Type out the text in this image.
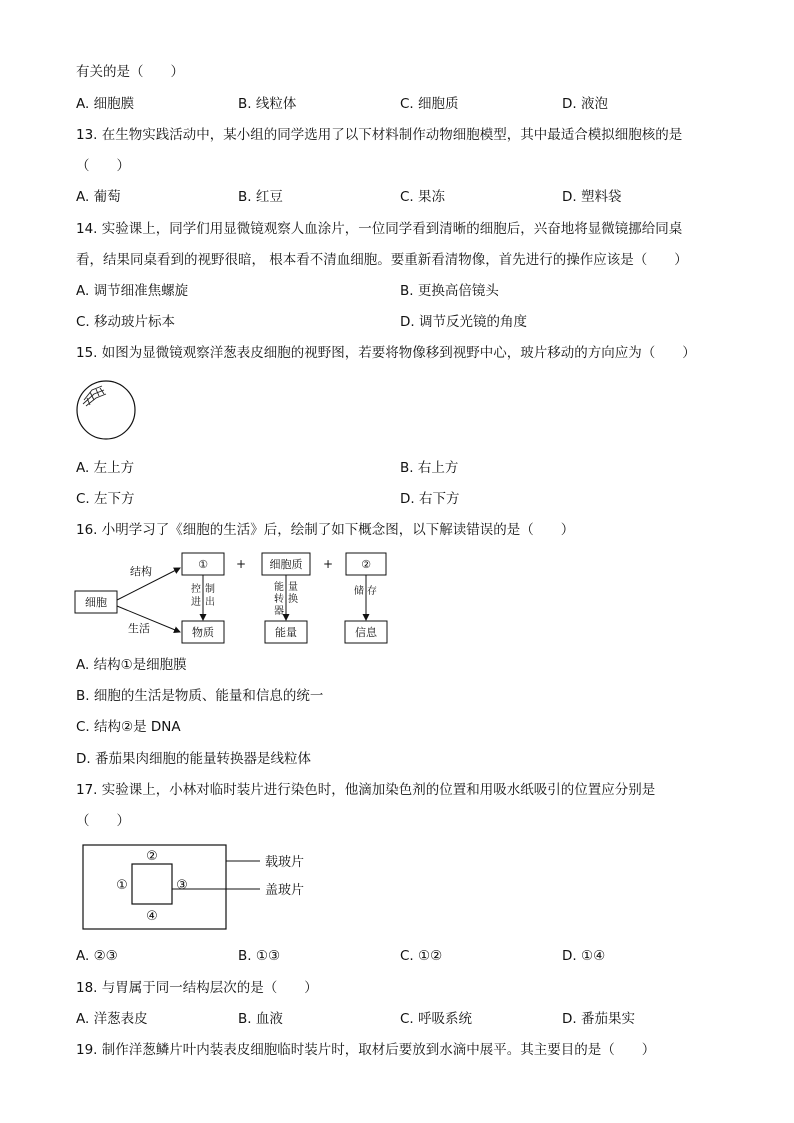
有关的是（　　）
A. 细胞膜	B. 线粒体	C. 细胞质	D. 液泡
13. 在生物实践活动中，某小组的同学选用了以下材料制作动物细胞模型，其中最适合模拟细胞核的是
（　　）
A. 葡萄	B. 红豆	C. 果冻	D. 塑料袋
14. 实验课上，同学们用显微镜观察人血涂片，一位同学看到清晰的细胞后，兴奋地将显微镜挪给同桌
看，结果同桌看到的视野很暗， 根本看不清血细胞。要重新看清物像，首先进行的操作应该是（　　）
A. 调节细准焦螺旋	B. 更换高倍镜头
C. 移动玻片标本	D. 调节反光镜的角度
15. 如图为显微镜观察洋葱表皮细胞的视野图，若要将物像移到视野中心，玻片移动的方向应为（　　）
A. 左上方	B. 右上方
C. 左下方	D. 右下方
16. 小明学习了《细胞的生活》后，绘制了如下概念图，以下解读错误的是（　　）
细胞
结构
生活
① + 细胞质 +	②
控
进
制
出
能
转
器
量
换
储 存
物质	能量	信息
A. 结构①是细胞膜
B. 细胞的生活是物质、能量和信息的统一
C. 结构②是 DNA
D. 番茄果肉细胞的能量转换器是线粒体
17. 实验课上，小林对临时装片进行染色时，他滴加染色剂的位置和用吸水纸吸引的位置应分别是
（　　）
②
①	③
④
载玻片
盖玻片
A. ②③	B. ①③	C. ①②	D. ①④
18. 与胃属于同一结构层次的是（　　）
A. 洋葱表皮	B. 血液	C. 呼吸系统	D. 番茄果实
19. 制作洋葱鳞片叶内装表皮细胞临时装片时，取材后要放到水滴中展平。其主要目的是（　　）
